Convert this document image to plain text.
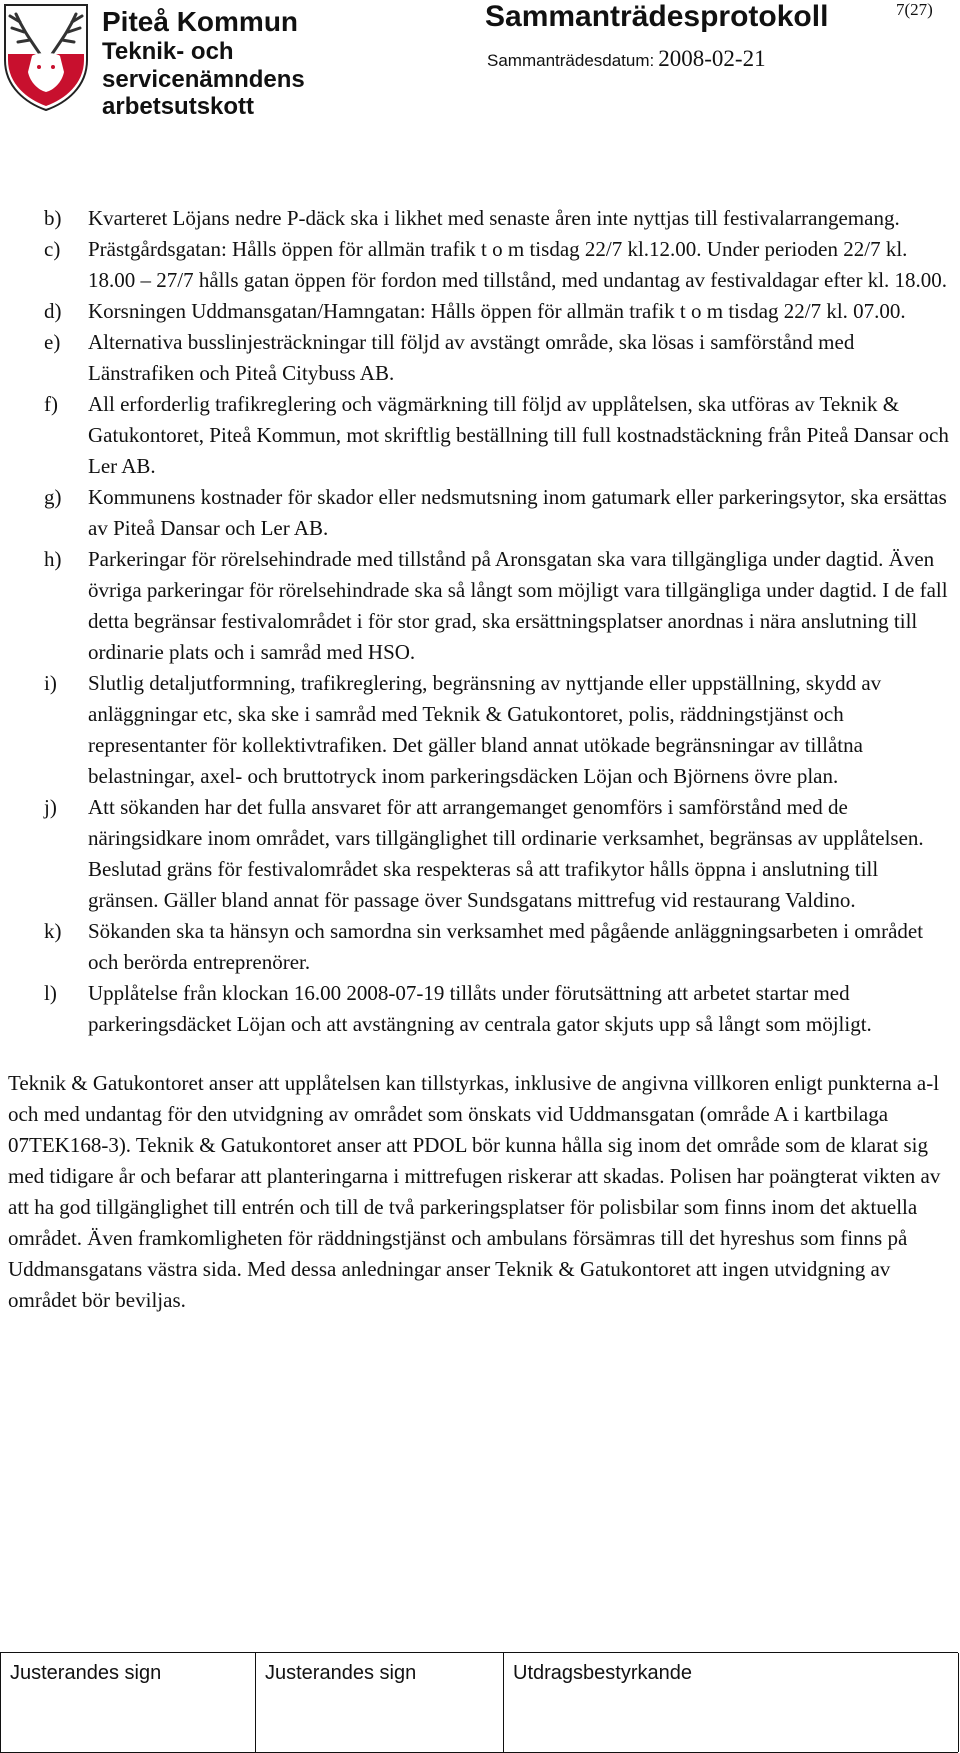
Piteå Kommun
Teknik- och
servicenämndens
arbetsutskott
Sammanträdesprotokoll	7(27)
Sammanträdesdatum: 2008-02-21
b) Kvarteret Löjans nedre P-däck ska i likhet med senaste åren inte nyttjas till festivalarrangemang.
c) Prästgårdsgatan: Hålls öppen för allmän trafik t o m tisdag 22/7 kl.12.00. Under perioden 22/7 kl. 18.00 – 27/7 hålls gatan öppen för fordon med tillstånd, med undantag av festivaldagar efter kl. 18.00.
d) Korsningen Uddmansgatan/Hamngatan: Hålls öppen för allmän trafik t o m tisdag 22/7 kl. 07.00.
e) Alternativa busslinjesträckningar till följd av avstängt område, ska lösas i samförstånd med Länstrafiken och Piteå Citybuss AB.
f) All erforderlig trafikreglering och vägmärkning till följd av upplåtelsen, ska utföras av Teknik & Gatukontoret, Piteå Kommun, mot skriftlig beställning till full kostnadstäckning från Piteå Dansar och Ler AB.
g) Kommunens kostnader för skador eller nedsmutsning inom gatumark eller parkeringsytor, ska ersättas av Piteå Dansar och Ler AB.
h) Parkeringar för rörelsehindrade med tillstånd på Aronsgatan ska vara tillgängliga under dagtid. Även övriga parkeringar för rörelsehindrade ska så långt som möjligt vara tillgängliga under dagtid. I de fall detta begränsar festivalområdet i för stor grad, ska ersättningsplatser anordnas i nära anslutning till ordinarie plats och i samråd med HSO.
i) Slutlig detaljutformning, trafikreglering, begränsning av nyttjande eller uppställning, skydd av anläggningar etc, ska ske i samråd med Teknik & Gatukontoret, polis, räddningstjänst och representanter för kollektivtrafiken. Det gäller bland annat utökade begränsningar av tillåtna belastningar, axel- och bruttotryck inom parkeringsdäcken Löjan och Björnens övre plan.
j) Att sökanden har det fulla ansvaret för att arrangemanget genomförs i samförstånd med de näringsidkare inom området, vars tillgänglighet till ordinarie verksamhet, begränsas av upplåtelsen. Beslutad gräns för festivalområdet ska respekteras så att trafikytor hålls öppna i anslutning till gränsen. Gäller bland annat för passage över Sundsgatans mittrefug vid restaurang Valdino.
k) Sökanden ska ta hänsyn och samordna sin verksamhet med pågående anläggningsarbeten i området och berörda entreprenörer.
l) Upplåtelse från klockan 16.00 2008-07-19 tillåts under förutsättning att arbetet startar med parkeringsdäcket Löjan och att avstängning av centrala gator skjuts upp så långt som möjligt.

Teknik & Gatukontoret anser att upplåtelsen kan tillstyrkas, inklusive de angivna villkoren enligt punkterna a-l och med undantag för den utvidgning av området som önskats vid Uddmansgatan (område A i kartbilaga 07TEK168-3). Teknik & Gatukontoret anser att PDOL bör kunna hålla sig inom det område som de klarat sig med tidigare år och befarar att planteringarna i mittrefugen riskerar att skadas. Polisen har poängterat vikten av att ha god tillgänglighet till entrén och till de två parkeringsplatser för polisbilar som finns inom det aktuella området. Även framkomligheten för räddningstjänst och ambulans försämras till det hyreshus som finns på Uddmansgatans västra sida. Med dessa anledningar anser Teknik & Gatukontoret att ingen utvidgning av området bör beviljas.

Justerandes sign	Justerandes sign	Utdragsbestyrkande
